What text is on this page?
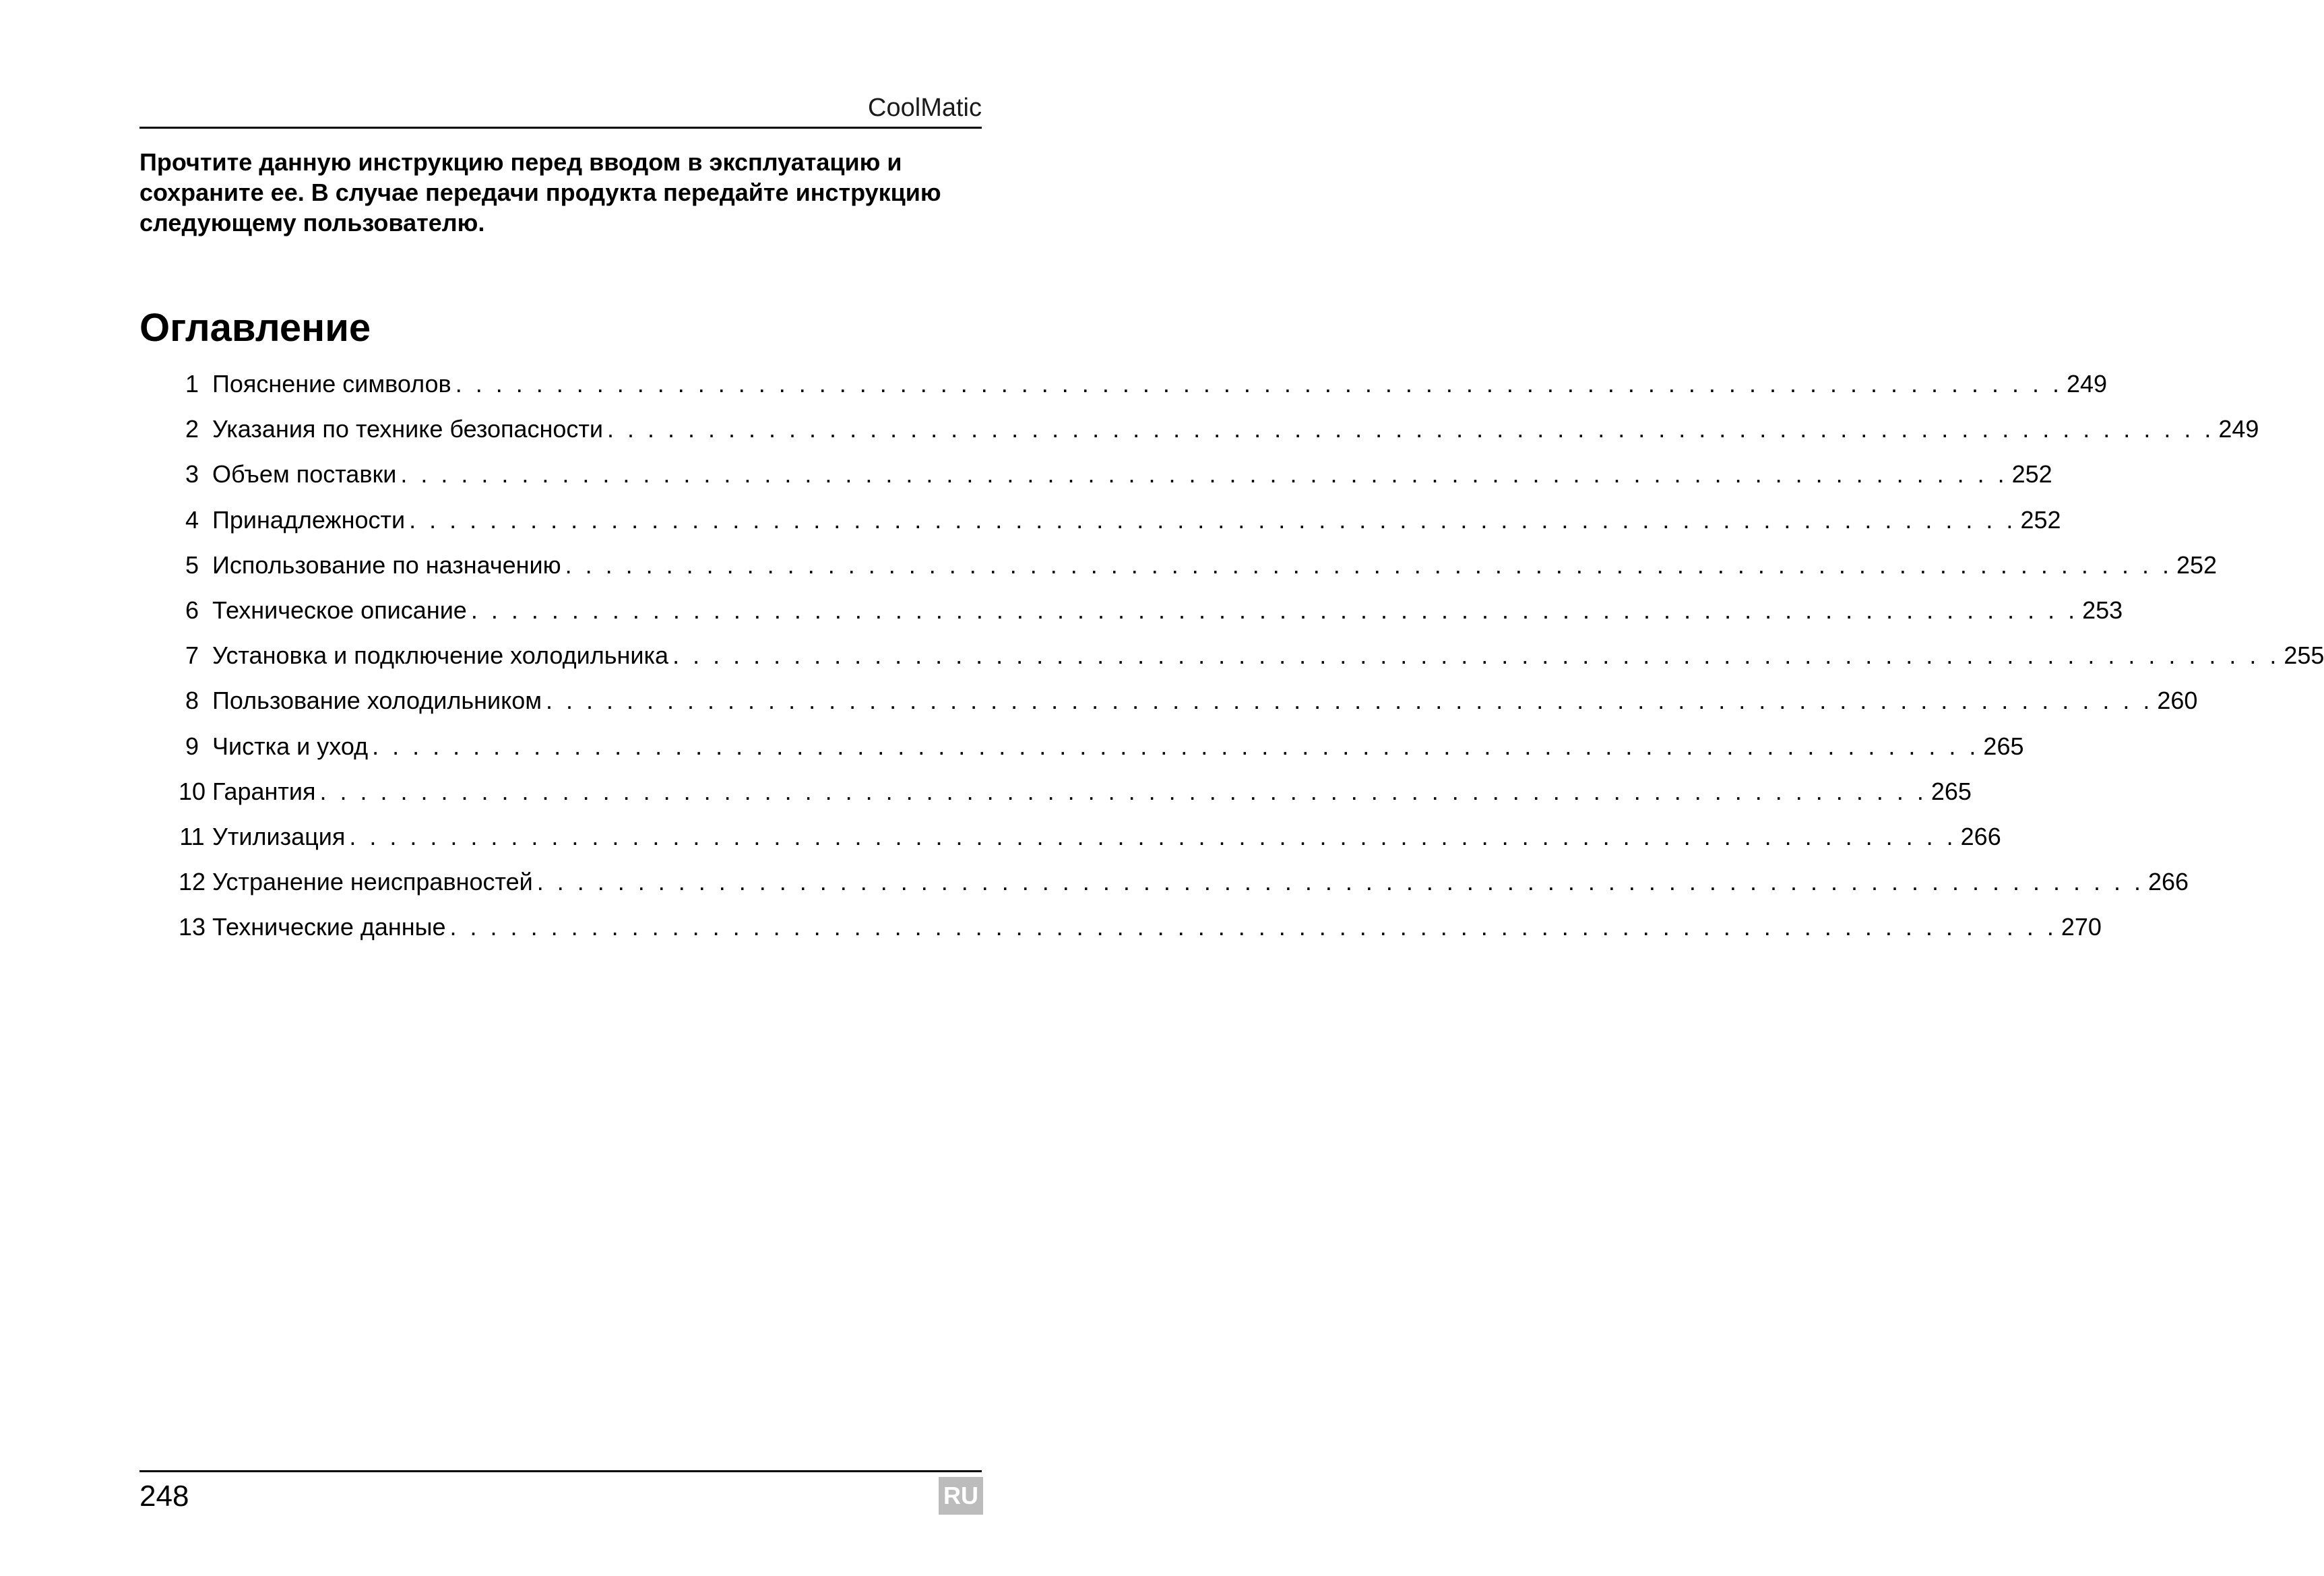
CoolMatic

Прочтите данную инструкцию перед вводом в эксплуатацию и сохраните ее. В случае передачи продукта передайте инструкцию следующему пользователю.

Оглавление
1 Пояснение символов . . . . . . . . . . . . . . . . . . . . . . . . . . . . . . . . . . . . . . . . . . . . . . . . . . . . . . . . . . . . . . . . . . . . . . . . . . . . . . . . 249
2 Указания по технике безопасности . . . . . . . . . . . . . . . . . . . . . . . . . . . . . . . . . . . . . . . . . . . . . . . . . . . . . . . . . . . . . . . . . . . . . . . . . . . . . . . . 249
3 Объем поставки . . . . . . . . . . . . . . . . . . . . . . . . . . . . . . . . . . . . . . . . . . . . . . . . . . . . . . . . . . . . . . . . . . . . . . . . . . . . . . . . 252
4 Принадлежности . . . . . . . . . . . . . . . . . . . . . . . . . . . . . . . . . . . . . . . . . . . . . . . . . . . . . . . . . . . . . . . . . . . . . . . . . . . . . . . . 252
5 Использование по назначению . . . . . . . . . . . . . . . . . . . . . . . . . . . . . . . . . . . . . . . . . . . . . . . . . . . . . . . . . . . . . . . . . . . . . . . . . . . . . . . . 252
6 Техническое описание . . . . . . . . . . . . . . . . . . . . . . . . . . . . . . . . . . . . . . . . . . . . . . . . . . . . . . . . . . . . . . . . . . . . . . . . . . . . . . . . 253
7 Установка и подключение холодильника . . . . . . . . . . . . . . . . . . . . . . . . . . . . . . . . . . . . . . . . . . . . . . . . . . . . . . . . . . . . . . . . . . . . . . . . . . . . . . . . 255
8 Пользование холодильником . . . . . . . . . . . . . . . . . . . . . . . . . . . . . . . . . . . . . . . . . . . . . . . . . . . . . . . . . . . . . . . . . . . . . . . . . . . . . . . . 260
9 Чистка и уход . . . . . . . . . . . . . . . . . . . . . . . . . . . . . . . . . . . . . . . . . . . . . . . . . . . . . . . . . . . . . . . . . . . . . . . . . . . . . . . . 265
10 Гарантия . . . . . . . . . . . . . . . . . . . . . . . . . . . . . . . . . . . . . . . . . . . . . . . . . . . . . . . . . . . . . . . . . . . . . . . . . . . . . . . . 265
11 Утилизация . . . . . . . . . . . . . . . . . . . . . . . . . . . . . . . . . . . . . . . . . . . . . . . . . . . . . . . . . . . . . . . . . . . . . . . . . . . . . . . . 266
12 Устранение неисправностей . . . . . . . . . . . . . . . . . . . . . . . . . . . . . . . . . . . . . . . . . . . . . . . . . . . . . . . . . . . . . . . . . . . . . . . . . . . . . . . . 266
13 Технические данные . . . . . . . . . . . . . . . . . . . . . . . . . . . . . . . . . . . . . . . . . . . . . . . . . . . . . . . . . . . . . . . . . . . . . . . . . . . . . . . . 270
248	RU
